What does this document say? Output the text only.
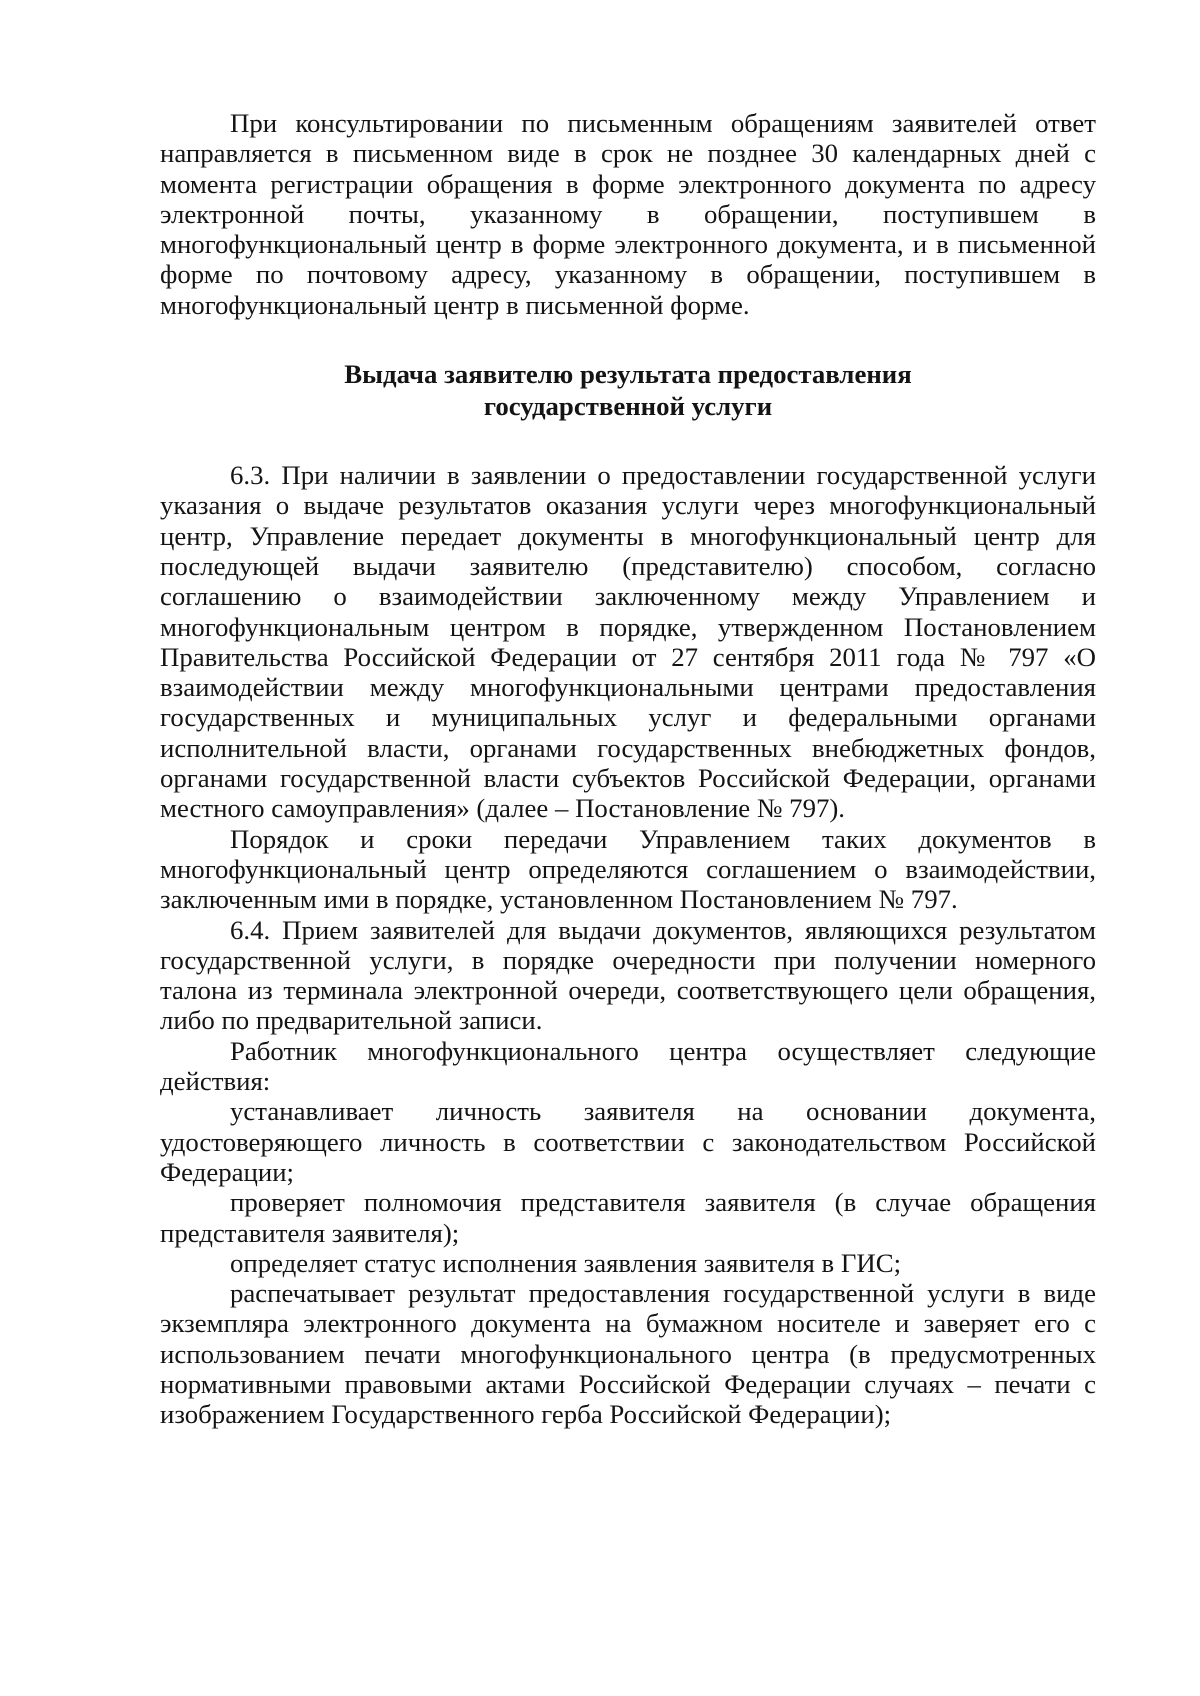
При консультировании по письменным обращениям заявителей ответ направляется в письменном виде в срок не позднее 30 календарных дней с момента регистрации обращения в форме электронного документа по адресу электронной почты, указанному в обращении, поступившем в многофункциональный центр в форме электронного документа, и в письменной форме по почтовому адресу, указанному в обращении, поступившем в многофункциональный центр в письменной форме.

Выдача заявителю результата предоставления
государственной услуги

6.3. При наличии в заявлении о предоставлении государственной услуги указания о выдаче результатов оказания услуги через многофункциональный центр, Управление передает документы в многофункциональный центр для последующей выдачи заявителю (представителю) способом, согласно соглашению о взаимодействии заключенному между Управлением и многофункциональным центром в порядке, утвержденном Постановлением Правительства Российской Федерации от 27 сентября 2011 года № 797 «О взаимодействии между многофункциональными центрами предоставления государственных и муниципальных услуг и федеральными органами исполнительной власти, органами государственных внебюджетных фондов, органами государственной власти субъектов Российской Федерации, органами местного самоуправления» (далее – Постановление № 797).

Порядок и сроки передачи Управлением таких документов в многофункциональный центр определяются соглашением о взаимодействии, заключенным ими в порядке, установленном Постановлением № 797.

6.4. Прием заявителей для выдачи документов, являющихся результатом государственной услуги, в порядке очередности при получении номерного талона из терминала электронной очереди, соответствующего цели обращения, либо по предварительной записи.

Работник многофункционального центра осуществляет следующие действия:

устанавливает личность заявителя на основании документа, удостоверяющего личность в соответствии с законодательством Российской Федерации;

проверяет полномочия представителя заявителя (в случае обращения представителя заявителя);

определяет статус исполнения заявления заявителя в ГИС;

распечатывает результат предоставления государственной услуги в виде экземпляра электронного документа на бумажном носителе и заверяет его с использованием печати многофункционального центра (в предусмотренных нормативными правовыми актами Российской Федерации случаях – печати с изображением Государственного герба Российской Федерации);
